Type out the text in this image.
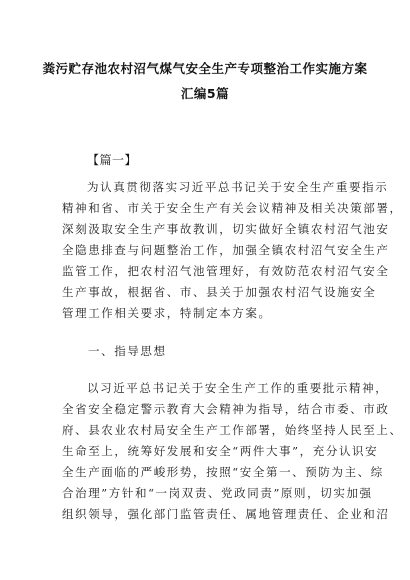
粪污贮存池农村沼气煤气安全生产专项整治工作实施方案
汇编5篇
【篇一】
为认真贯彻落实习近平总书记关于安全生产重要指示
精神和省、市关于安全生产有关会议精神及相关决策部署，
深刻汲取安全生产事故教训，切实做好全镇农村沼气池安
全隐患排查与问题整治工作，加强全镇农村沼气安全生产
监管工作，把农村沼气池管理好，有效防范农村沼气安全
生产事故，根据省、市、县关于加强农村沼气设施安全
管理工作相关要求，特制定本方案。
一、指导思想
以习近平总书记关于安全生产工作的重要批示精神，
全省安全稳定警示教育大会精神为指导，结合市委、市政
府、县农业农村局安全生产工作部署，始终坚持人民至上、
生命至上，统筹好发展和安全“两件大事”，充分认识安
全生产面临的严峻形势，按照“安全第一、预防为主、综
合治理”方针和“一岗双责、党政同责”原则，切实加强
组织领导，强化部门监管责任、属地管理责任、企业和沼
